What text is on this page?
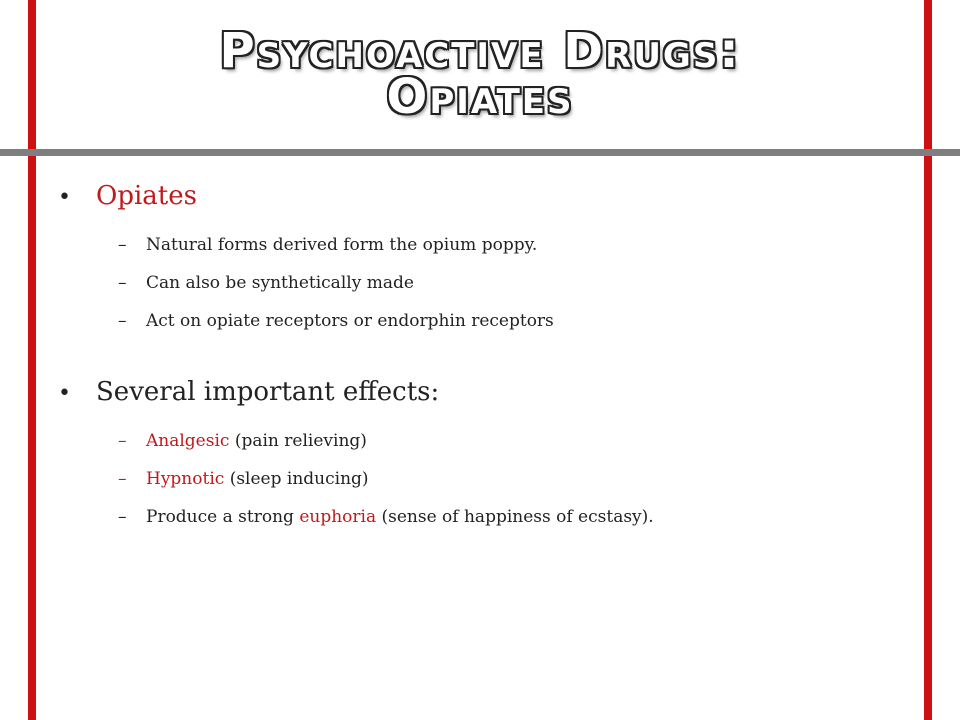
Psychoactive Drugs:
Opiates
• Opiates
–	Natural forms derived form the opium poppy.
–	Can also be synthetically made
–	Act on opiate receptors or endorphin receptors
• Several important effects:
–	Analgesic (pain relieving)
–	Hypnotic (sleep inducing)
–	Produce a strong euphoria (sense of happiness of ecstasy).
